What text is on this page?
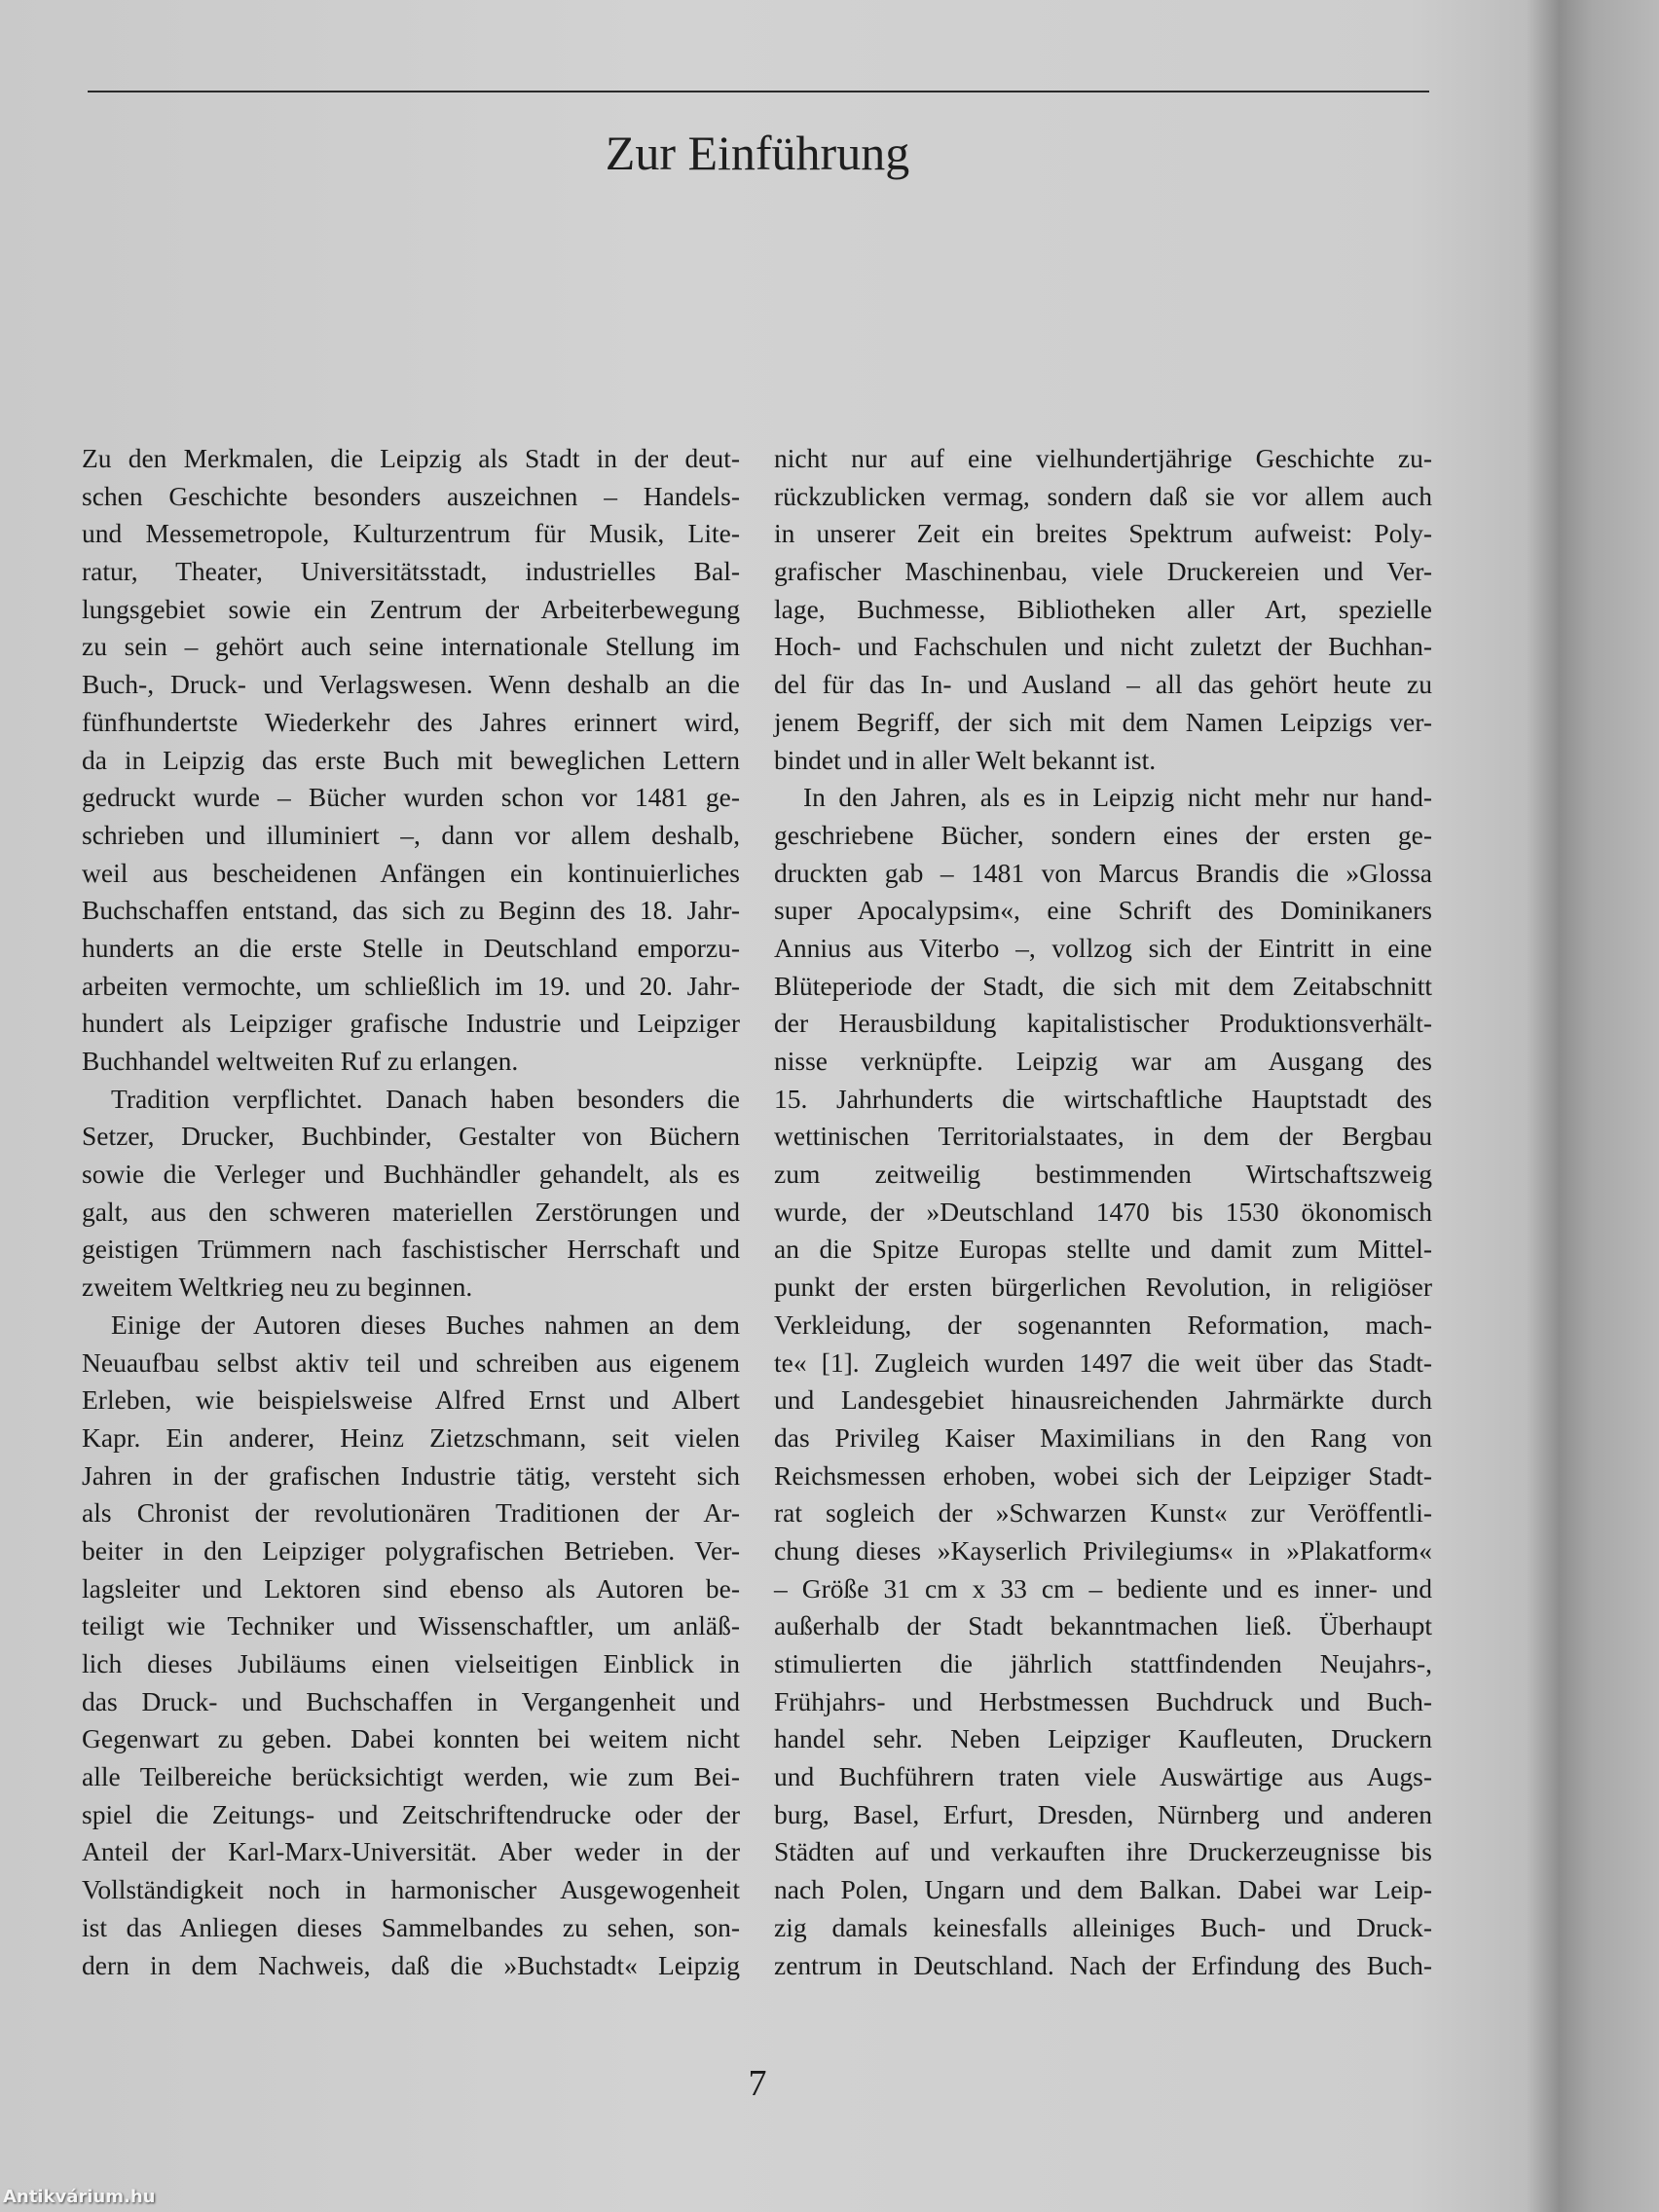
Zur Einführung
Zu den Merkmalen, die Leipzig als Stadt in der deut-
schen Geschichte besonders auszeichnen – Handels-
und Messemetropole, Kulturzentrum für Musik, Lite-
ratur, Theater, Universitätsstadt, industrielles Bal-
lungsgebiet sowie ein Zentrum der Arbeiterbewegung
zu sein – gehört auch seine internationale Stellung im
Buch-, Druck- und Verlagswesen. Wenn deshalb an die
fünfhundertste Wiederkehr des Jahres erinnert wird,
da in Leipzig das erste Buch mit beweglichen Lettern
gedruckt wurde – Bücher wurden schon vor 1481 ge-
schrieben und illuminiert –, dann vor allem deshalb,
weil aus bescheidenen Anfängen ein kontinuierliches
Buchschaffen entstand, das sich zu Beginn des 18. Jahr-
hunderts an die erste Stelle in Deutschland emporzu-
arbeiten vermochte, um schließlich im 19. und 20. Jahr-
hundert als Leipziger grafische Industrie und Leipziger
Buchhandel weltweiten Ruf zu erlangen.
Tradition verpflichtet. Danach haben besonders die
Setzer, Drucker, Buchbinder, Gestalter von Büchern
sowie die Verleger und Buchhändler gehandelt, als es
galt, aus den schweren materiellen Zerstörungen und
geistigen Trümmern nach faschistischer Herrschaft und
zweitem Weltkrieg neu zu beginnen.
Einige der Autoren dieses Buches nahmen an dem
Neuaufbau selbst aktiv teil und schreiben aus eigenem
Erleben, wie beispielsweise Alfred Ernst und Albert
Kapr. Ein anderer, Heinz Zietzschmann, seit vielen
Jahren in der grafischen Industrie tätig, versteht sich
als Chronist der revolutionären Traditionen der Ar-
beiter in den Leipziger polygrafischen Betrieben. Ver-
lagsleiter und Lektoren sind ebenso als Autoren be-
teiligt wie Techniker und Wissenschaftler, um anläß-
lich dieses Jubiläums einen vielseitigen Einblick in
das Druck- und Buchschaffen in Vergangenheit und
Gegenwart zu geben. Dabei konnten bei weitem nicht
alle Teilbereiche berücksichtigt werden, wie zum Bei-
spiel die Zeitungs- und Zeitschriftendrucke oder der
Anteil der Karl-Marx-Universität. Aber weder in der
Vollständigkeit noch in harmonischer Ausgewogenheit
ist das Anliegen dieses Sammelbandes zu sehen, son-
dern in dem Nachweis, daß die »Buchstadt« Leipzig
nicht nur auf eine vielhundertjährige Geschichte zu-
rückzublicken vermag, sondern daß sie vor allem auch
in unserer Zeit ein breites Spektrum aufweist: Poly-
grafischer Maschinenbau, viele Druckereien und Ver-
lage, Buchmesse, Bibliotheken aller Art, spezielle
Hoch- und Fachschulen und nicht zuletzt der Buchhan-
del für das In- und Ausland – all das gehört heute zu
jenem Begriff, der sich mit dem Namen Leipzigs ver-
bindet und in aller Welt bekannt ist.
In den Jahren, als es in Leipzig nicht mehr nur hand-
geschriebene Bücher, sondern eines der ersten ge-
druckten gab – 1481 von Marcus Brandis die »Glossa
super Apocalypsim«, eine Schrift des Dominikaners
Annius aus Viterbo –, vollzog sich der Eintritt in eine
Blüteperiode der Stadt, die sich mit dem Zeitabschnitt
der Herausbildung kapitalistischer Produktionsverhält-
nisse verknüpfte. Leipzig war am Ausgang des
15. Jahrhunderts die wirtschaftliche Hauptstadt des
wettinischen Territorialstaates, in dem der Bergbau
zum zeitweilig bestimmenden Wirtschaftszweig
wurde, der »Deutschland 1470 bis 1530 ökonomisch
an die Spitze Europas stellte und damit zum Mittel-
punkt der ersten bürgerlichen Revolution, in religiöser
Verkleidung, der sogenannten Reformation, mach-
te« [1]. Zugleich wurden 1497 die weit über das Stadt-
und Landesgebiet hinausreichenden Jahrmärkte durch
das Privileg Kaiser Maximilians in den Rang von
Reichsmessen erhoben, wobei sich der Leipziger Stadt-
rat sogleich der »Schwarzen Kunst« zur Veröffentli-
chung dieses »Kayserlich Privilegiums« in »Plakatform«
– Größe 31 cm x 33 cm – bediente und es inner- und
außerhalb der Stadt bekanntmachen ließ. Überhaupt
stimulierten die jährlich stattfindenden Neujahrs-,
Frühjahrs- und Herbstmessen Buchdruck und Buch-
handel sehr. Neben Leipziger Kaufleuten, Druckern
und Buchführern traten viele Auswärtige aus Augs-
burg, Basel, Erfurt, Dresden, Nürnberg und anderen
Städten auf und verkauften ihre Druckerzeugnisse bis
nach Polen, Ungarn und dem Balkan. Dabei war Leip-
zig damals keinesfalls alleiniges Buch- und Druck-
zentrum in Deutschland. Nach der Erfindung des Buch-
7
Antikvárium.hu
